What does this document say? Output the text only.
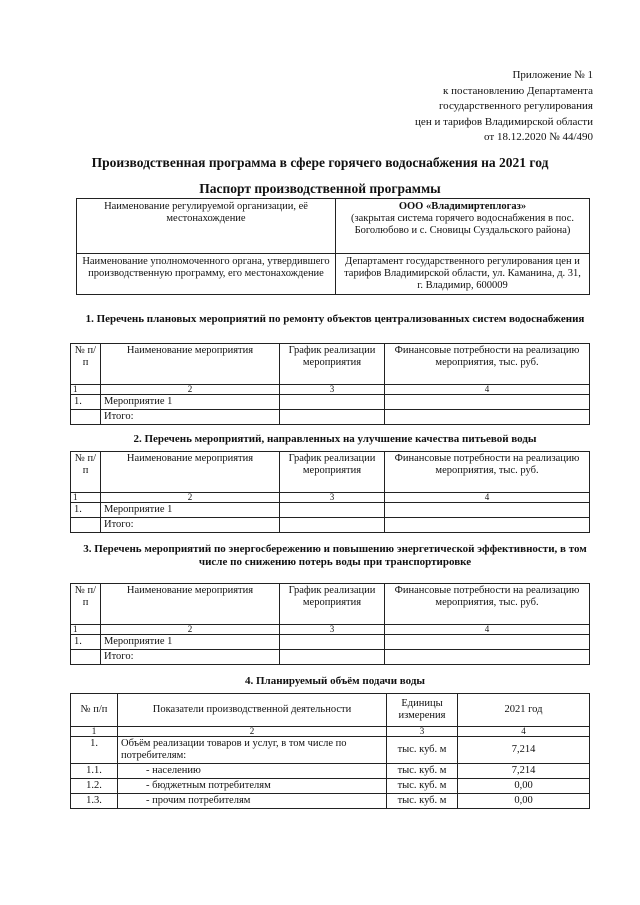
Приложение № 1
к постановлению Департамента
государственного регулирования
цен и тарифов Владимирской области
от 18.12.2020 № 44/490
Производственная программа в сфере горячего водоснабжения на 2021 год
Паспорт производственной программы
Наименование регулируемой организации, её местонахождение	ООО «Владимиртеплогаз»
(закрытая система горячего водоснабжения в пос. Боголюбово и с. Сновицы Суздальского района)

Наименование уполномоченного органа, утвердившего производственную программу, его местонахождение	Департамент государственного регулирования цен и тарифов Владимирской области, ул. Каманина, д. 31, г. Владимир, 600009
1. Перечень плановых мероприятий по ремонту объектов централизованных систем водоснабжения
№ п/п	Наименование мероприятия	График реализации мероприятия	Финансовые потребности на реализацию мероприятия, тыс. руб.
1	2	3	4
1.	Мероприятие 1		
	Итого:		
2. Перечень мероприятий, направленных на улучшение качества питьевой воды
№ п/п	Наименование мероприятия	График реализации мероприятия	Финансовые потребности на реализацию мероприятия, тыс. руб.
1	2	3	4
1.	Мероприятие 1		
	Итого:		
3. Перечень мероприятий по энергосбережению и повышению энергетической эффективности, в том числе по снижению потерь воды при транспортировке
№ п/п	Наименование мероприятия	График реализации мероприятия	Финансовые потребности на реализацию мероприятия, тыс. руб.
1	2	3	4
1.	Мероприятие 1		
	Итого:		
4. Планируемый объём подачи воды
№ п/п	Показатели производственной деятельности	Единицы измерения	2021 год
1	2	3	4
1.	Объём реализации товаров и услуг, в том числе по потребителям:	тыс. куб. м	7,214
1.1.	- населению	тыс. куб. м	7,214
1.2.	- бюджетным потребителям	тыс. куб. м	0,00
1.3.	- прочим потребителям	тыс. куб. м	0,00
